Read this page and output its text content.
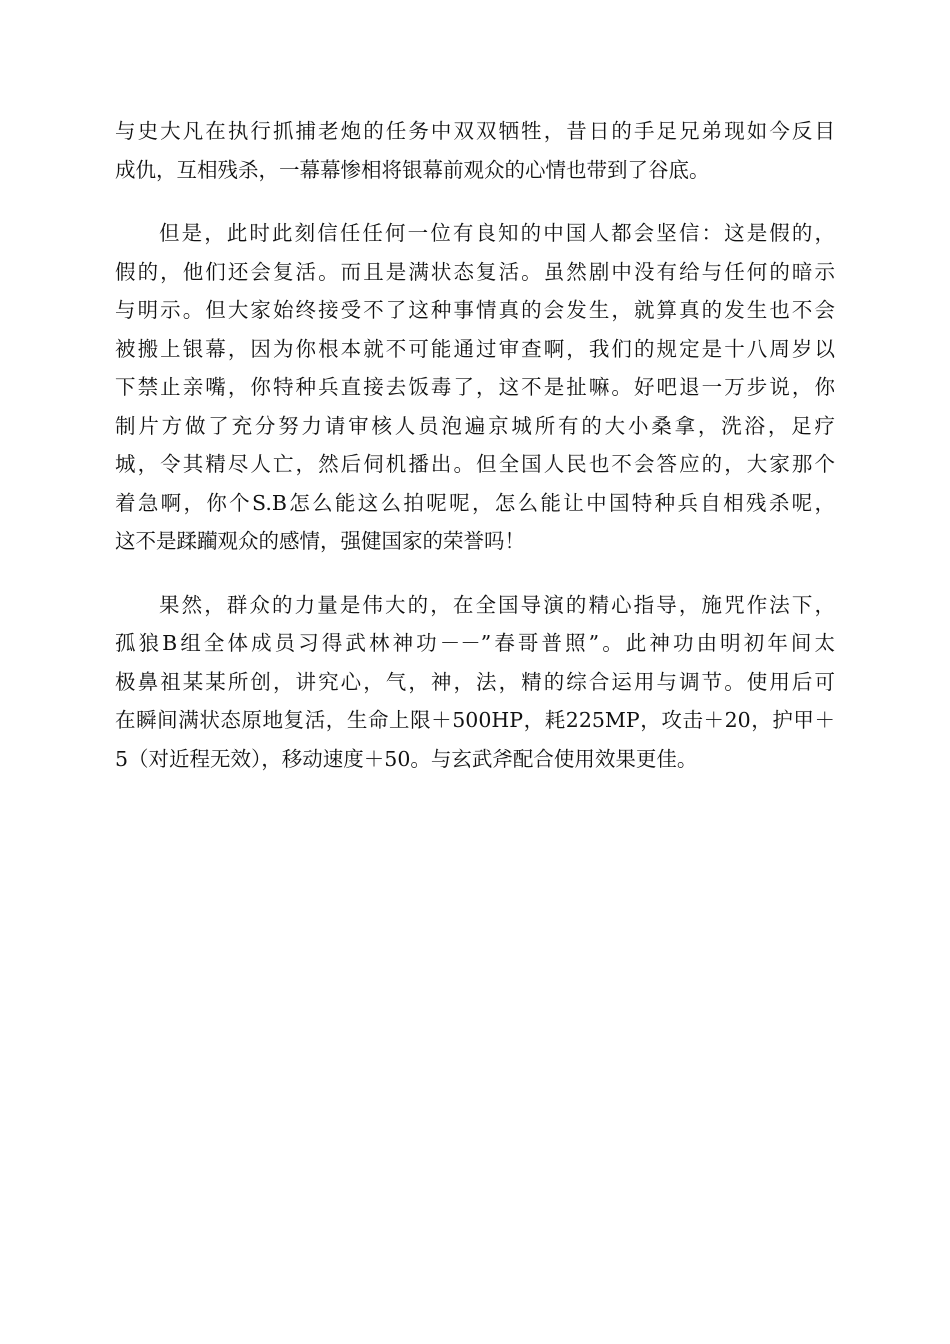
与史大凡在执行抓捕老炮的任务中双双牺牲，昔日的手足兄弟现如今反目
成仇，互相残杀，一幕幕惨相将银幕前观众的心情也带到了谷底。
但是，此时此刻信任任何一位有良知的中国人都会坚信：这是假的，
假的，他们还会复活。而且是满状态复活。虽然剧中没有给与任何的暗示
与明示。但大家始终接受不了这种事情真的会发生，就算真的发生也不会
被搬上银幕，因为你根本就不可能通过审查啊，我们的规定是十八周岁以
下禁止亲嘴，你特种兵直接去饭毒了，这不是扯嘛。好吧退一万步说，你
制片方做了充分努力请审核人员泡遍京城所有的大小桑拿，洗浴，足疗
城，令其精尽人亡，然后伺机播出。但全国人民也不会答应的，大家那个
着急啊，你个S.B怎么能这么拍呢呢，怎么能让中国特种兵自相残杀呢，
这不是蹂躏观众的感情，强健国家的荣誉吗！
果然，群众的力量是伟大的，在全国导演的精心指导，施咒作法下，
孤狼B组全体成员习得武林神功－－”春哥普照”。此神功由明初年间太
极鼻祖某某所创，讲究心，气，神，法，精的综合运用与调节。使用后可
在瞬间满状态原地复活，生命上限＋500HP，耗225MP，攻击＋20，护甲＋
5（对近程无效），移动速度＋50。与玄武斧配合使用效果更佳。
